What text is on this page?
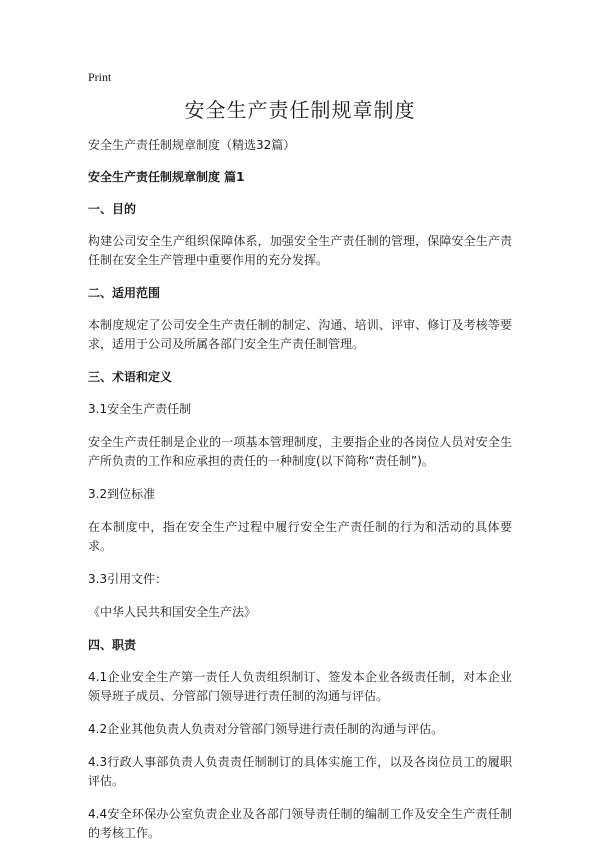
Print
安全生产责任制规章制度
安全生产责任制规章制度（精选32篇）
安全生产责任制规章制度 篇1
一、目的
构建公司安全生产组织保障体系，加强安全生产责任制的管理，保障安全生产责任制在安全生产管理中重要作用的充分发挥。
二、适用范围
本制度规定了公司安全生产责任制的制定、沟通、培训、评审、修订及考核等要求，适用于公司及所属各部门安全生产责任制管理。
三、术语和定义
3.1安全生产责任制
安全生产责任制是企业的一项基本管理制度，主要指企业的各岗位人员对安全生产所负责的工作和应承担的责任的一种制度(以下简称“责任制”)。
3.2到位标准
在本制度中，指在安全生产过程中履行安全生产责任制的行为和活动的具体要求。
3.3引用文件：
《中华人民共和国安全生产法》
四、职责
4.1企业安全生产第一责任人负责组织制订、签发本企业各级责任制，对本企业领导班子成员、分管部门领导进行责任制的沟通与评估。
4.2企业其他负责人负责对分管部门领导进行责任制的沟通与评估。
4.3行政人事部负责人负责责任制制订的具体实施工作，以及各岗位员工的履职评估。
4.4安全环保办公室负责企业及各部门领导责任制的编制工作及安全生产责任制的考核工作。
